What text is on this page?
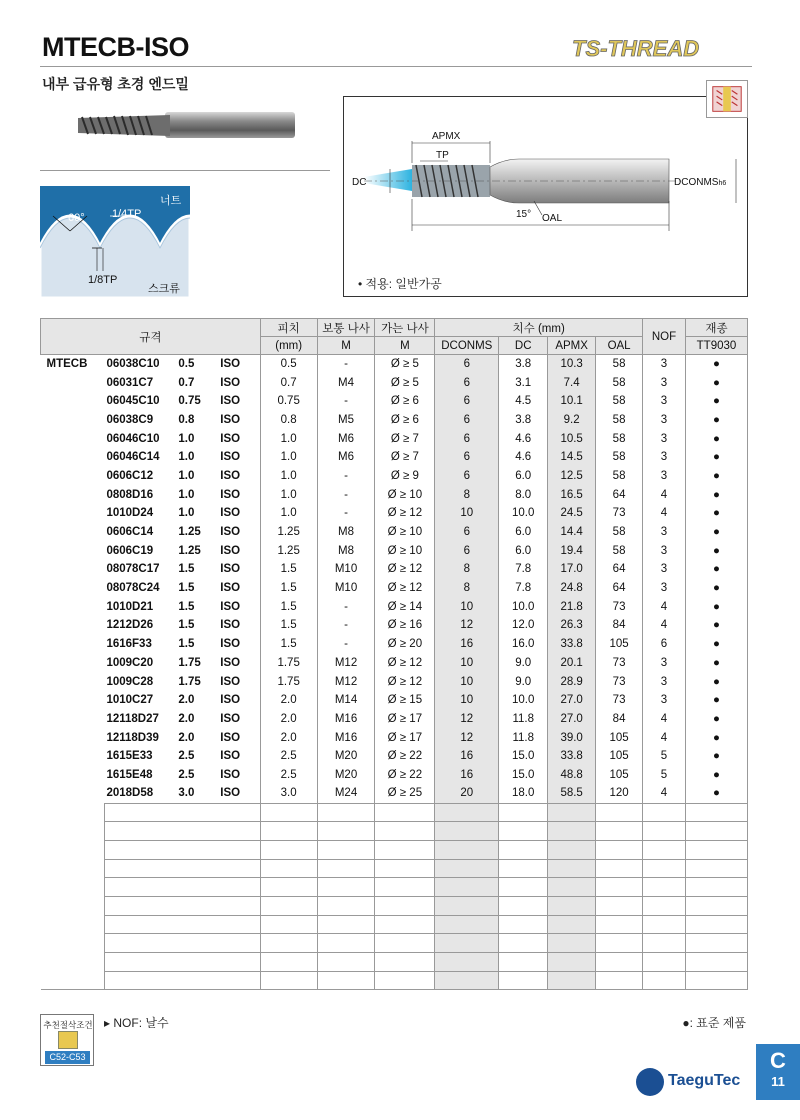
MTECB-ISO	TS-THREAD
내부 급유형 초경 엔드밀
너트
60° 1/4TP
1/8TP
스크류
APMX
TP
DC	DCONMSh6
15° OAL
• 적용: 일반가공
규격				피치	보통 나사	가는 나사	치수 (mm)				NOF	재종
				(mm)	M	M	DCONMS	DC	APMX	OAL		TT9030
MTECB	06038C10	0.5	ISO	0.5	-	Ø ≥ 5	6	3.8	10.3	58	3	●
	06031C7	0.7	ISO	0.7	M4	Ø ≥ 5	6	3.1	7.4	58	3	●
	06045C10	0.75	ISO	0.75	-	Ø ≥ 6	6	4.5	10.1	58	3	●
	06038C9	0.8	ISO	0.8	M5	Ø ≥ 6	6	3.8	9.2	58	3	●
	06046C10	1.0	ISO	1.0	M6	Ø ≥ 7	6	4.6	10.5	58	3	●
	06046C14	1.0	ISO	1.0	M6	Ø ≥ 7	6	4.6	14.5	58	3	●
	0606C12	1.0	ISO	1.0	-	Ø ≥ 9	6	6.0	12.5	58	3	●
	0808D16	1.0	ISO	1.0	-	Ø ≥ 10	8	8.0	16.5	64	4	●
	1010D24	1.0	ISO	1.0	-	Ø ≥ 12	10	10.0	24.5	73	4	●
	0606C14	1.25	ISO	1.25	M8	Ø ≥ 10	6	6.0	14.4	58	3	●
	0606C19	1.25	ISO	1.25	M8	Ø ≥ 10	6	6.0	19.4	58	3	●
	08078C17	1.5	ISO	1.5	M10	Ø ≥ 12	8	7.8	17.0	64	3	●
	08078C24	1.5	ISO	1.5	M10	Ø ≥ 12	8	7.8	24.8	64	3	●
	1010D21	1.5	ISO	1.5	-	Ø ≥ 14	10	10.0	21.8	73	4	●
	1212D26	1.5	ISO	1.5	-	Ø ≥ 16	12	12.0	26.3	84	4	●
	1616F33	1.5	ISO	1.5	-	Ø ≥ 20	16	16.0	33.8	105	6	●
	1009C20	1.75	ISO	1.75	M12	Ø ≥ 12	10	9.0	20.1	73	3	●
	1009C28	1.75	ISO	1.75	M12	Ø ≥ 12	10	9.0	28.9	73	3	●
	1010C27	2.0	ISO	2.0	M14	Ø ≥ 15	10	10.0	27.0	73	3	●
	12118D27	2.0	ISO	2.0	M16	Ø ≥ 17	12	11.8	27.0	84	4	●
	12118D39	2.0	ISO	2.0	M16	Ø ≥ 17	12	11.8	39.0	105	4	●
	1615E33	2.5	ISO	2.5	M20	Ø ≥ 22	16	15.0	33.8	105	5	●
	1615E48	2.5	ISO	2.5	M20	Ø ≥ 22	16	15.0	48.8	105	5	●
	2018D58	3.0	ISO	3.0	M24	Ø ≥ 25	20	18.0	58.5	120	4	●

추천절삭조건
C52-C53
▸ NOF: 날수	●: 표준 제품
TaeguTec
C
11
